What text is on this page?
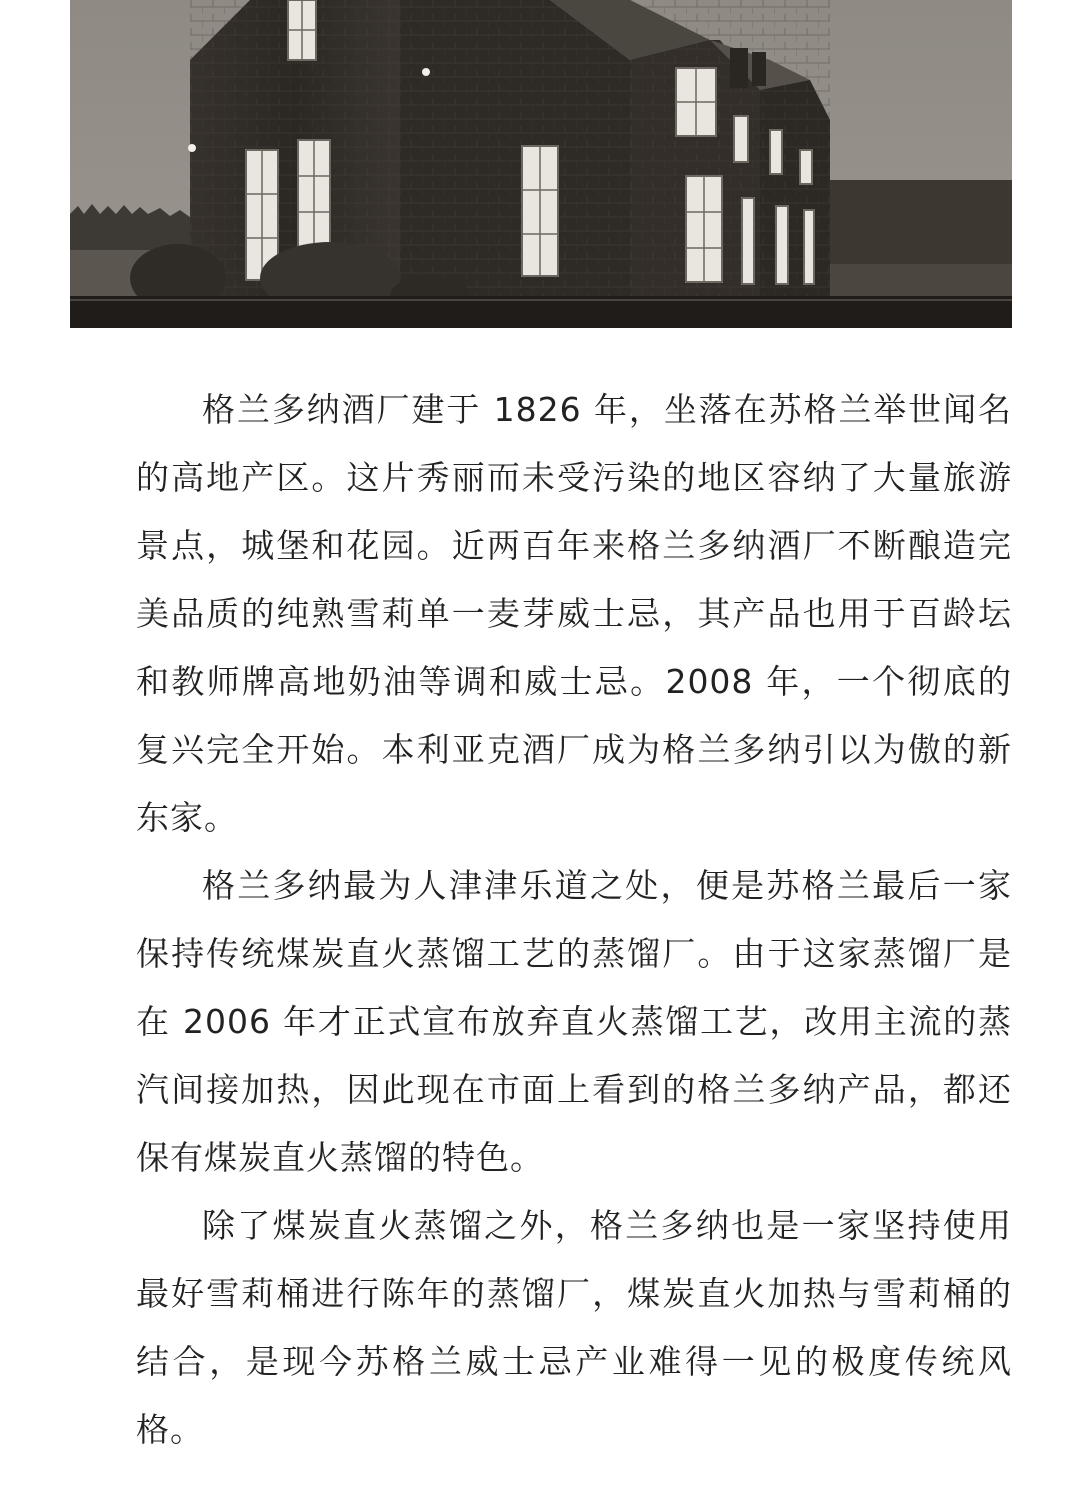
格兰多纳酒厂建于 1826 年，坐落在苏格兰举世闻名的高地产区。这片秀丽而未受污染的地区容纳了大量旅游景点，城堡和花园。近两百年来格兰多纳酒厂不断酿造完美品质的纯熟雪莉单一麦芽威士忌，其产品也用于百龄坛和教师牌高地奶油等调和威士忌。2008 年，一个彻底的复兴完全开始。本利亚克酒厂成为格兰多纳引以为傲的新东家。

格兰多纳最为人津津乐道之处，便是苏格兰最后一家保持传统煤炭直火蒸馏工艺的蒸馏厂。由于这家蒸馏厂是在 2006 年才正式宣布放弃直火蒸馏工艺，改用主流的蒸汽间接加热，因此现在市面上看到的格兰多纳产品，都还保有煤炭直火蒸馏的特色。

除了煤炭直火蒸馏之外，格兰多纳也是一家坚持使用最好雪莉桶进行陈年的蒸馏厂，煤炭直火加热与雪莉桶的结合，是现今苏格兰威士忌产业难得一见的极度传统风格。
